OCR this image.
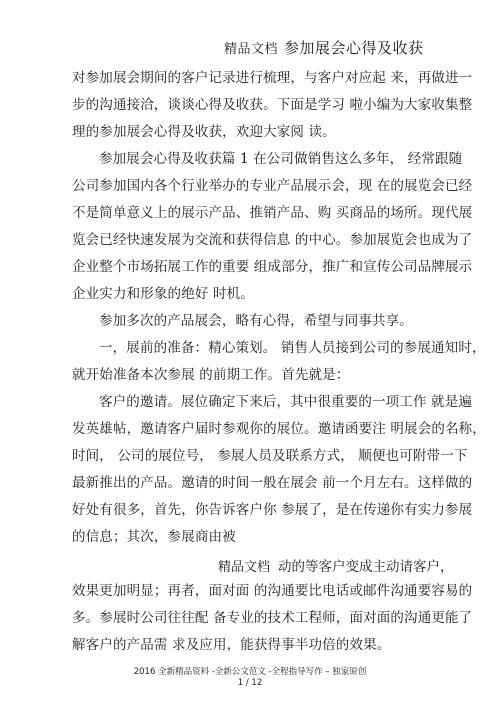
精品文档 参加展会心得及收获
对参加展会期间的客户记录进行梳理，与客户对应起 来，再做进一
步的沟通接洽，谈谈心得及收获。下面是学习 啦小编为大家收集整
理的参加展会心得及收获，欢迎大家阅 读。
参加展会心得及收获篇 1 在公司做销售这么多年， 经常跟随
公司参加国内各个行业举办的专业产品展示会，现 在的展览会已经
不是简单意义上的展示产品、推销产品、购 买商品的场所。现代展
览会已经快速发展为交流和获得信息 的中心。参加展览会也成为了
企业整个市场拓展工作的重要 组成部分，推广和宣传公司品牌展示
企业实力和形象的绝好 时机。
参加多次的产品展会，略有心得，希望与同事共享。
一，展前的准备：精心策划。 销售人员接到公司的参展通知时，
就开始准备本次参展 的前期工作。首先就是：
客户的邀请。展位确定下来后，其中很重要的一项工作 就是遍
发英雄帖，邀请客户届时参观你的展位。邀请函要注 明展会的名称，
时间， 公司的展位号， 参展人员及联系方式， 顺便也可附带一下
最新推出的产品。邀请的时间一般在展会 前一个月左右。这样做的
好处有很多，首先，你告诉客户你 参展了，是在传递你有实力参展
的信息；其次，参展商由被
精品文档 动的等客户变成主动请客户，
效果更加明显；再者，面对面 的沟通要比电话或邮件沟通要容易的
多。参展时公司往往配 备专业的技术工程师，面对面的沟通更能了
解客户的产品需 求及应用，能获得事半功倍的效果。
2016 全新精品资料 -全新公文范文 -全程指导写作 – 独家原创
1 / 12
